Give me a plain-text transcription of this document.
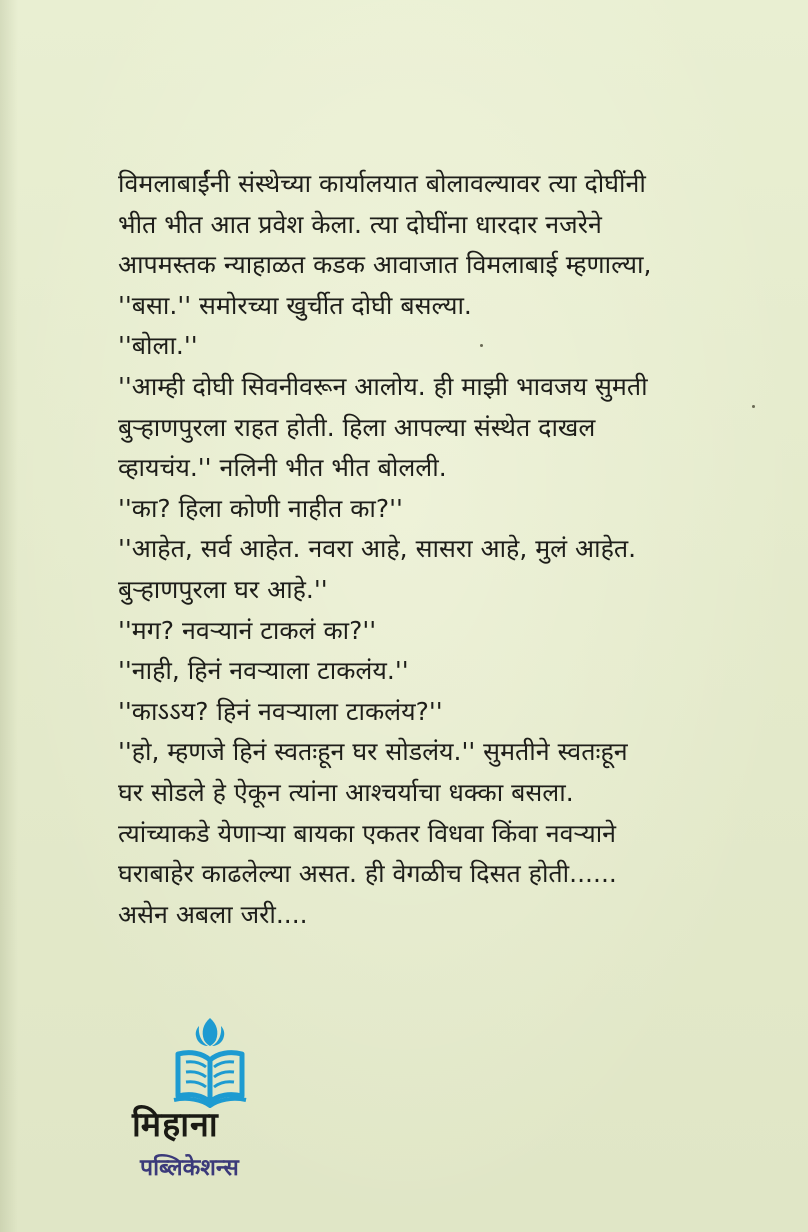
विमलाबाईंनी संस्थेच्या कार्यालयात बोलावल्यावर त्या दोघींनी

भीत भीत आत प्रवेश केला. त्या दोघींना धारदार नजरेने

आपमस्तक न्याहाळत कडक आवाजात विमलाबाई म्हणाल्या,

''बसा.'' समोरच्या खुर्चीत दोघी बसल्या.

''बोला.''

''आम्ही दोघी सिवनीवरून आलोय. ही माझी भावजय सुमती

बुऱ्हाणपुरला राहत होती. हिला आपल्या संस्थेत दाखल

व्हायचंय.'' नलिनी भीत भीत बोलली.

''का? हिला कोणी नाहीत का?''

''आहेत, सर्व आहेत. नवरा आहे, सासरा आहे, मुलं आहेत.

बुऱ्हाणपुरला घर आहे.''

''मग? नवऱ्यानं टाकलं का?''

''नाही, हिनं नवऱ्याला टाकलंय.''

''काऽऽय? हिनं नवऱ्याला टाकलंय?''

''हो, म्हणजे हिनं स्वतःहून घर सोडलंय.'' सुमतीने स्वतःहून

घर सोडले हे ऐकून त्यांना आश्चर्याचा धक्का बसला.

त्यांच्याकडे येणाऱ्या बायका एकतर विधवा किंवा नवऱ्याने

घराबाहेर काढलेल्या असत. ही वेगळीच दिसत होती......

असेन अबला जरी....

मिहाना
पब्लिकेशन्स
